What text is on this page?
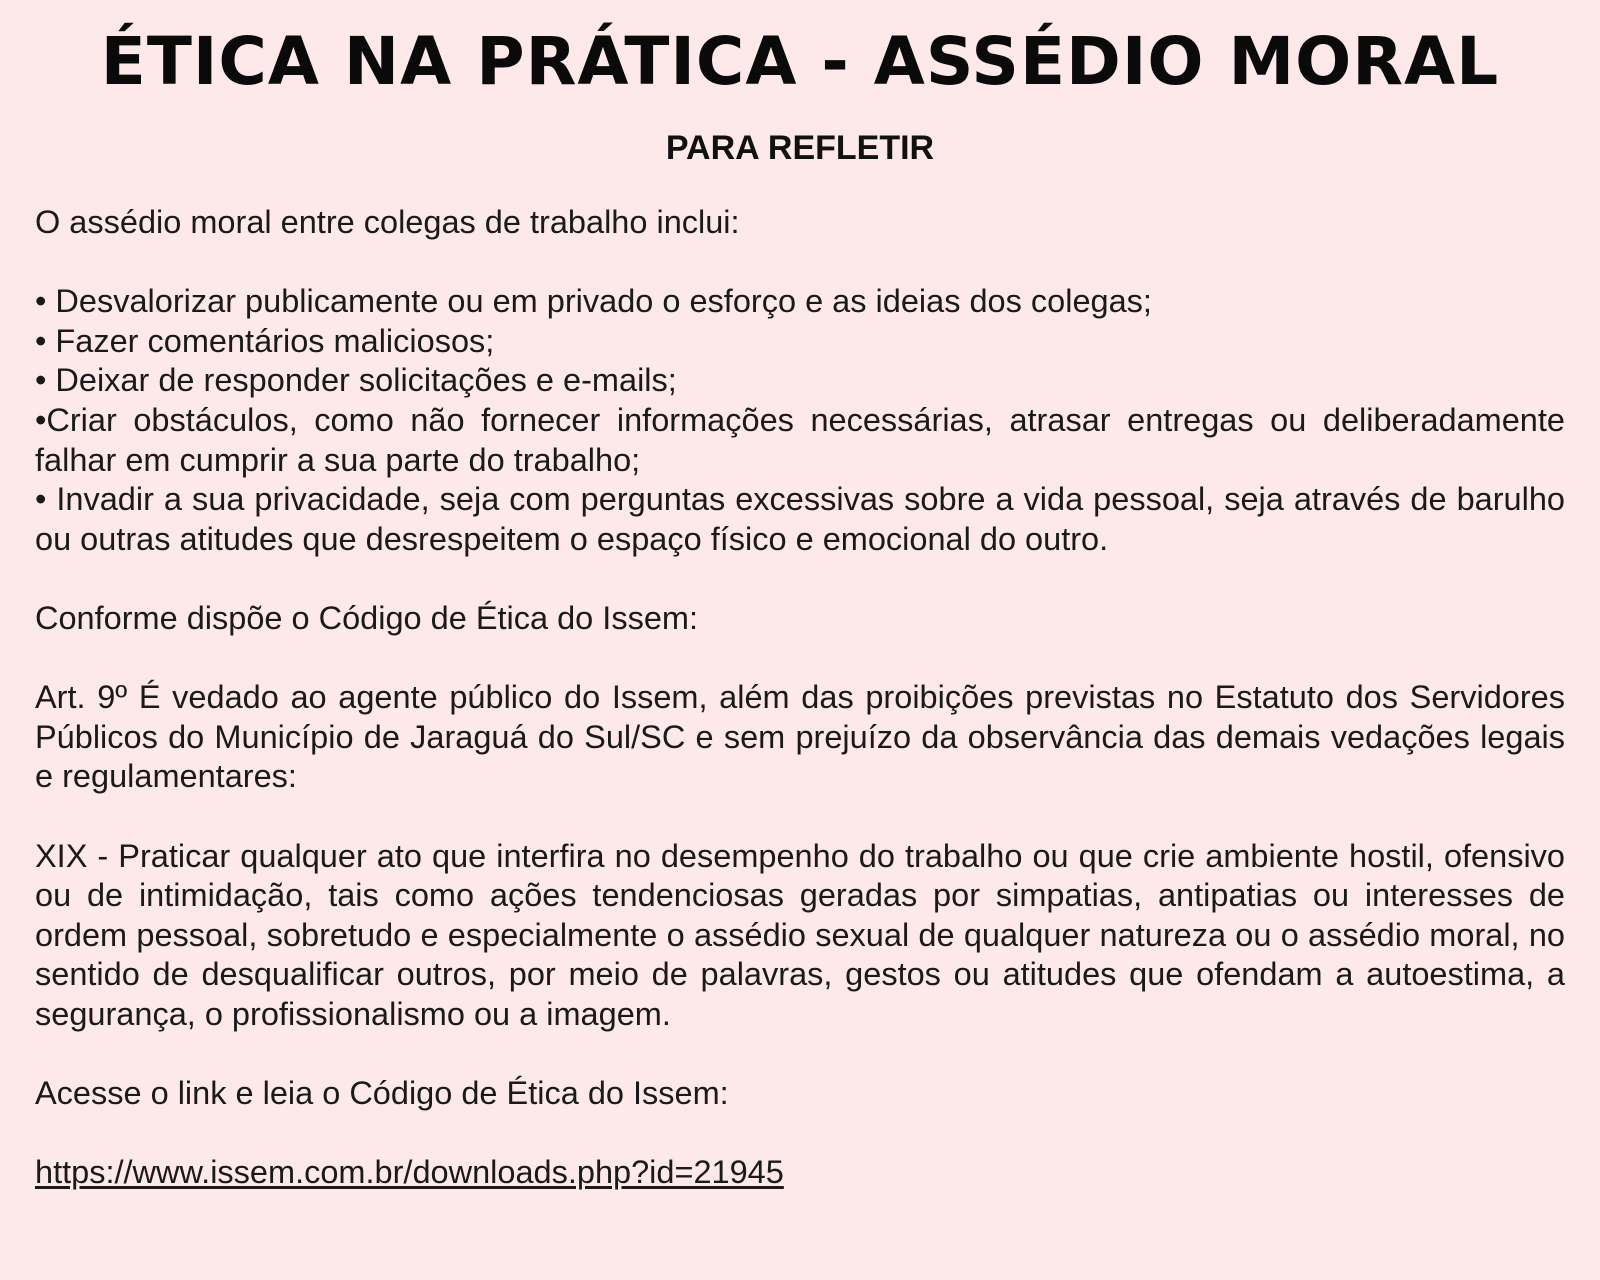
ÉTICA NA PRÁTICA - ASSÉDIO MORAL
PARA REFLETIR

O assédio moral entre colegas de trabalho inclui:

• Desvalorizar publicamente ou em privado o esforço e as ideias dos colegas;

• Fazer comentários maliciosos;

• Deixar de responder solicitações e e-mails;

•Criar obstáculos, como não fornecer informações necessárias, atrasar entregas ou deliberadamente falhar em cumprir a sua parte do trabalho;

• Invadir a sua privacidade, seja com perguntas excessivas sobre a vida pessoal, seja através de barulho ou outras atitudes que desrespeitem o espaço físico e emocional do outro.

Conforme dispõe o Código de Ética do Issem:

Art. 9º É vedado ao agente público do Issem, além das proibições previstas no Estatuto dos Servidores Públicos do Município de Jaraguá do Sul/SC e sem prejuízo da observância das demais vedações legais e regulamentares:

XIX - Praticar qualquer ato que interfira no desempenho do trabalho ou que crie ambiente hostil, ofensivo ou de intimidação, tais como ações tendenciosas geradas por simpatias, antipatias ou interesses de ordem pessoal, sobretudo e especialmente o assédio sexual de qualquer natureza ou o assédio moral, no sentido de desqualificar outros, por meio de palavras, gestos ou atitudes que ofendam a autoestima, a segurança, o profissionalismo ou a imagem.

Acesse o link e leia o Código de Ética do Issem:

https://www.issem.com.br/downloads.php?id=21945
